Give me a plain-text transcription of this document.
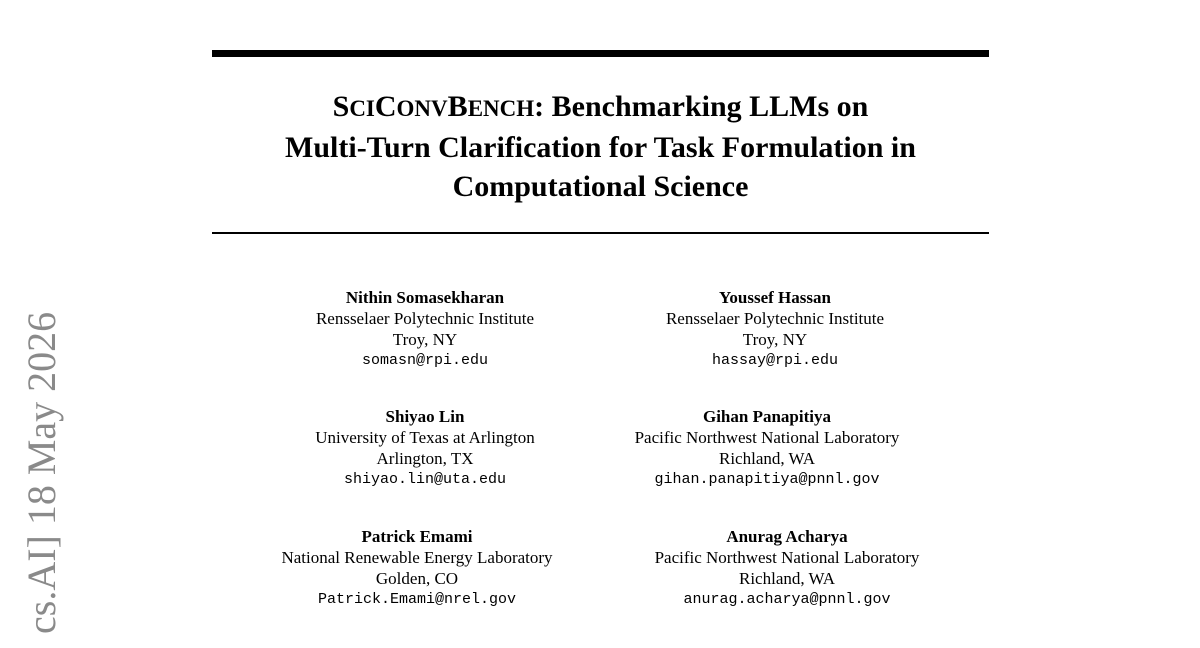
cs.AI] 18 May 2026
SCICONVBENCH: Benchmarking LLMs on
Multi-Turn Clarification for Task Formulation in
Computational Science
Nithin Somasekharan
Rensselaer Polytechnic Institute
Troy, NY
somasn@rpi.edu
Youssef Hassan
Rensselaer Polytechnic Institute
Troy, NY
hassay@rpi.edu
Shiyao Lin
University of Texas at Arlington
Arlington, TX
shiyao.lin@uta.edu
Gihan Panapitiya
Pacific Northwest National Laboratory
Richland, WA
gihan.panapitiya@pnnl.gov
Patrick Emami
National Renewable Energy Laboratory
Golden, CO
Patrick.Emami@nrel.gov
Anurag Acharya
Pacific Northwest National Laboratory
Richland, WA
anurag.acharya@pnnl.gov
